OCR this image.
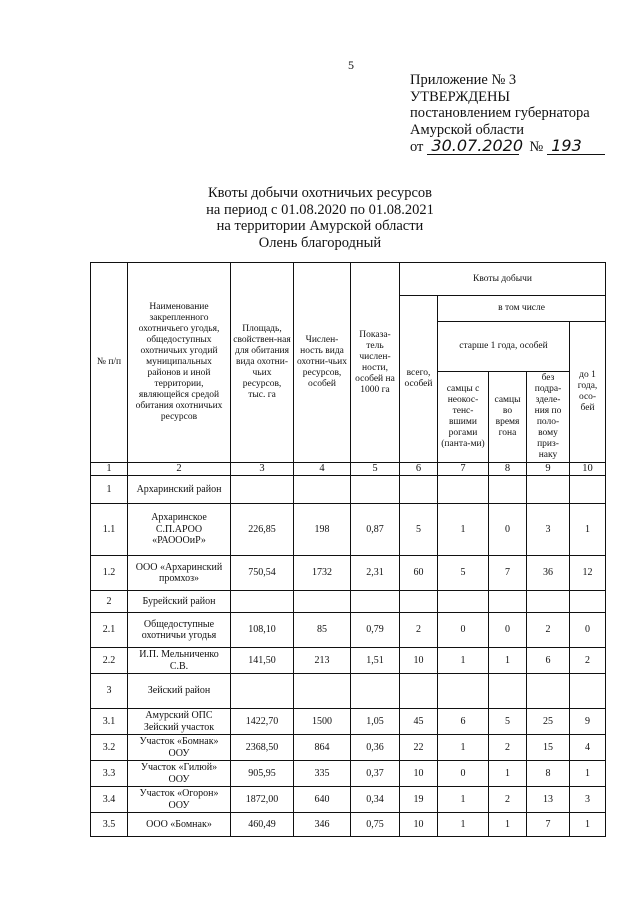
5
Приложение № 3
УТВЕРЖДЕНЫ
постановлением губернатора
Амурской области
от 30.07.2020 № 193
Квоты добычи охотничьих ресурсов
на период с 01.08.2020 по 01.08.2021
на территории Амурской области
Олень благородный
№ п/п	Наименование закрепленного охотничьего угодья, общедоступных охотничьих угодий муниципальных районов и иной территории, являющейся средой обитания охотничьих ресурсов	Площадь, свойствен-ная для обитания вида охотни-чьих ресурсов, тыс. га	Числен-ность вида охотни-чьих ресурсов, особей	Показа-тель числен-ности, особей на 1000 га	Квоты добычи				
					всего, особей	в том числе			
						старше 1 года, особей			до 1 года, осо-бей
						самцы с неокос-тенс-вшими рогами (панта-ми)	самцы во время гона	без подра-зделе-ния по поло-вому приз-наку	

1	2	3	4	5	6	7	8	9	10
1	Архаринский район								
1.1	Архаринское С.П.АРОО «РАОООиР»	226,85	198	0,87	5	1	0	3	1
1.2	ООО «Архаринский промхоз»	750,54	1732	2,31	60	5	7	36	12
2	Бурейский район								
2.1	Общедоступные охотничьи угодья	108,10	85	0,79	2	0	0	2	0
2.2	И.П. Мельниченко С.В.	141,50	213	1,51	10	1	1	6	2
3	Зейский район								
3.1	Амурский ОПС Зейский участок	1422,70	1500	1,05	45	6	5	25	9
3.2	Участок «Бомнак» ООУ	2368,50	864	0,36	22	1	2	15	4
3.3	Участок «Гилюй» ООУ	905,95	335	0,37	10	0	1	8	1
3.4	Участок «Огорон» ООУ	1872,00	640	0,34	19	1	2	13	3
3.5	ООО «Бомнак»	460,49	346	0,75	10	1	1	7	1
